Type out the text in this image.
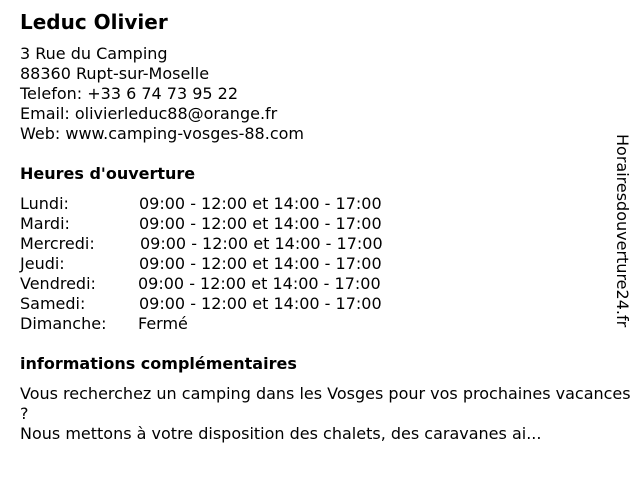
Leduc Olivier
3 Rue du Camping
88360 Rupt-sur-Moselle
Telefon: +33 6 74 73 95 22
Email: olivierleduc88@orange.fr
Web: www.camping-vosges-88.com
Heures d'ouverture
Lundi:	09:00 - 12:00 et 14:00 - 17:00
Mardi:	09:00 - 12:00 et 14:00 - 17:00
Mercredi:	09:00 - 12:00 et 14:00 - 17:00
Jeudi:	09:00 - 12:00 et 14:00 - 17:00
Vendredi:	09:00 - 12:00 et 14:00 - 17:00
Samedi:	09:00 - 12:00 et 14:00 - 17:00
Dimanche: Fermé
informations complémentaires
Vous recherchez un camping dans les Vosges pour vos prochaines vacances ?
Nous mettons à votre disposition des chalets, des caravanes ai...
Horairesdouverture24.fr
